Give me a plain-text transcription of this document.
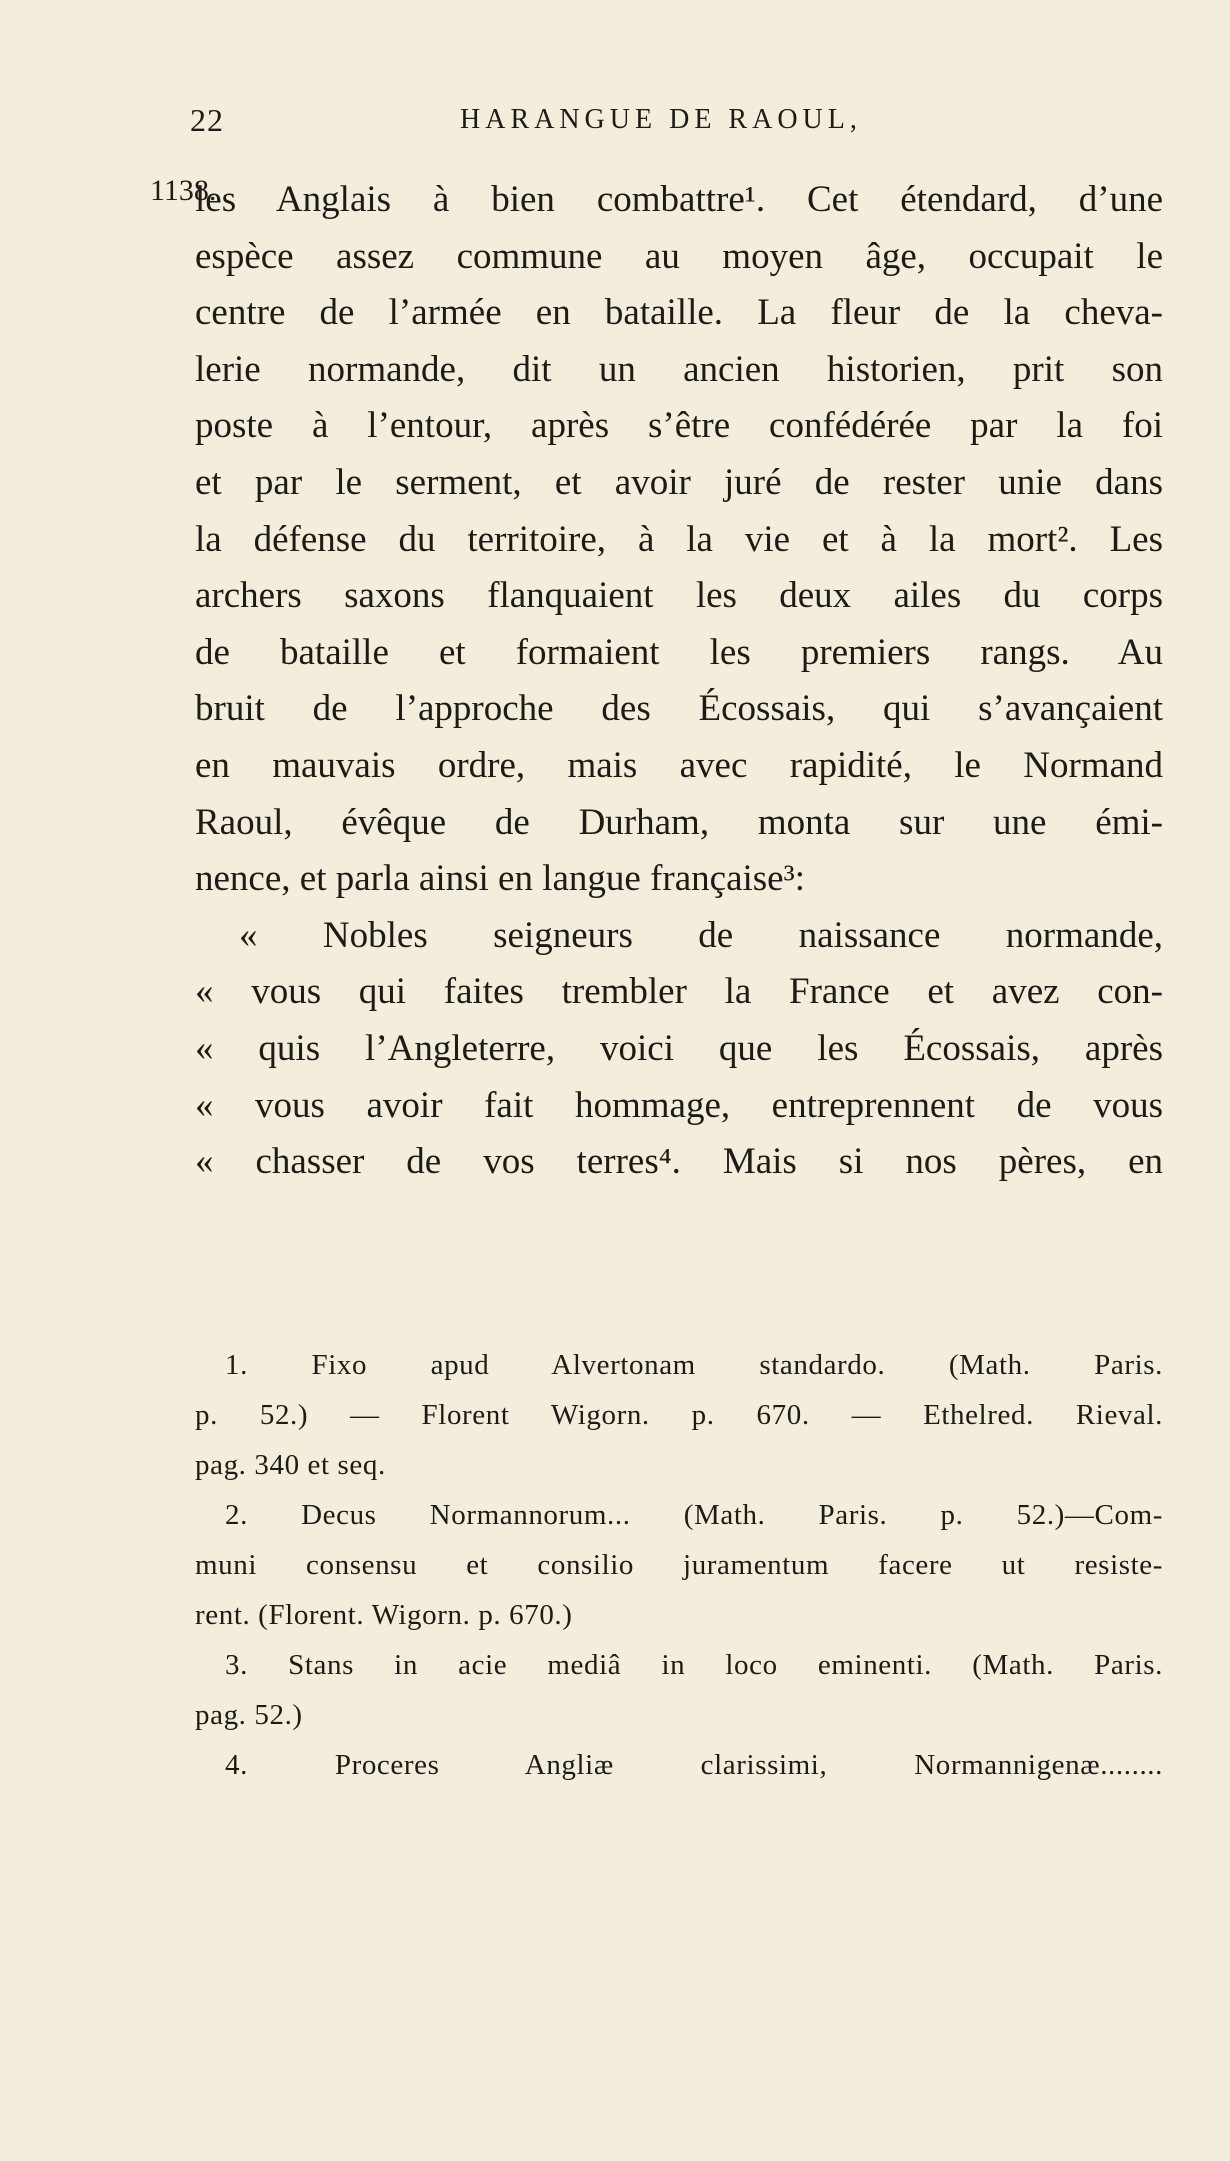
22	HARANGUE DE RAOUL,
1138.
les Anglais à bien combattre¹. Cet étendard, d’une
espèce assez commune au moyen âge, occupait le
centre de l’armée en bataille. La fleur de la cheva-
lerie normande, dit un ancien historien, prit son
poste à l’entour, après s’être confédérée par la foi
et par le serment, et avoir juré de rester unie dans
la défense du territoire, à la vie et à la mort². Les
archers saxons flanquaient les deux ailes du corps
de bataille et formaient les premiers rangs. Au
bruit de l’approche des Écossais, qui s’avançaient
en mauvais ordre, mais avec rapidité, le Normand
Raoul, évêque de Durham, monta sur une émi-
nence, et parla ainsi en langue française³:
« Nobles seigneurs de naissance normande,
« vous qui faites trembler la France et avez con-
« quis l’Angleterre, voici que les Écossais, après
« vous avoir fait hommage, entreprennent de vous
« chasser de vos terres⁴. Mais si nos pères, en
1. Fixo apud Alvertonam standardo. (Math. Paris.
p. 52.) — Florent Wigorn. p. 670. — Ethelred. Rieval.
pag. 340 et seq.
2. Decus Normannorum... (Math. Paris. p. 52.)—Com-
muni consensu et consilio juramentum facere ut resiste-
rent. (Florent. Wigorn. p. 670.)
3. Stans in acie mediâ in loco eminenti. (Math. Paris.
pag. 52.)
4. Proceres Angliæ clarissimi, Normannigenæ........
